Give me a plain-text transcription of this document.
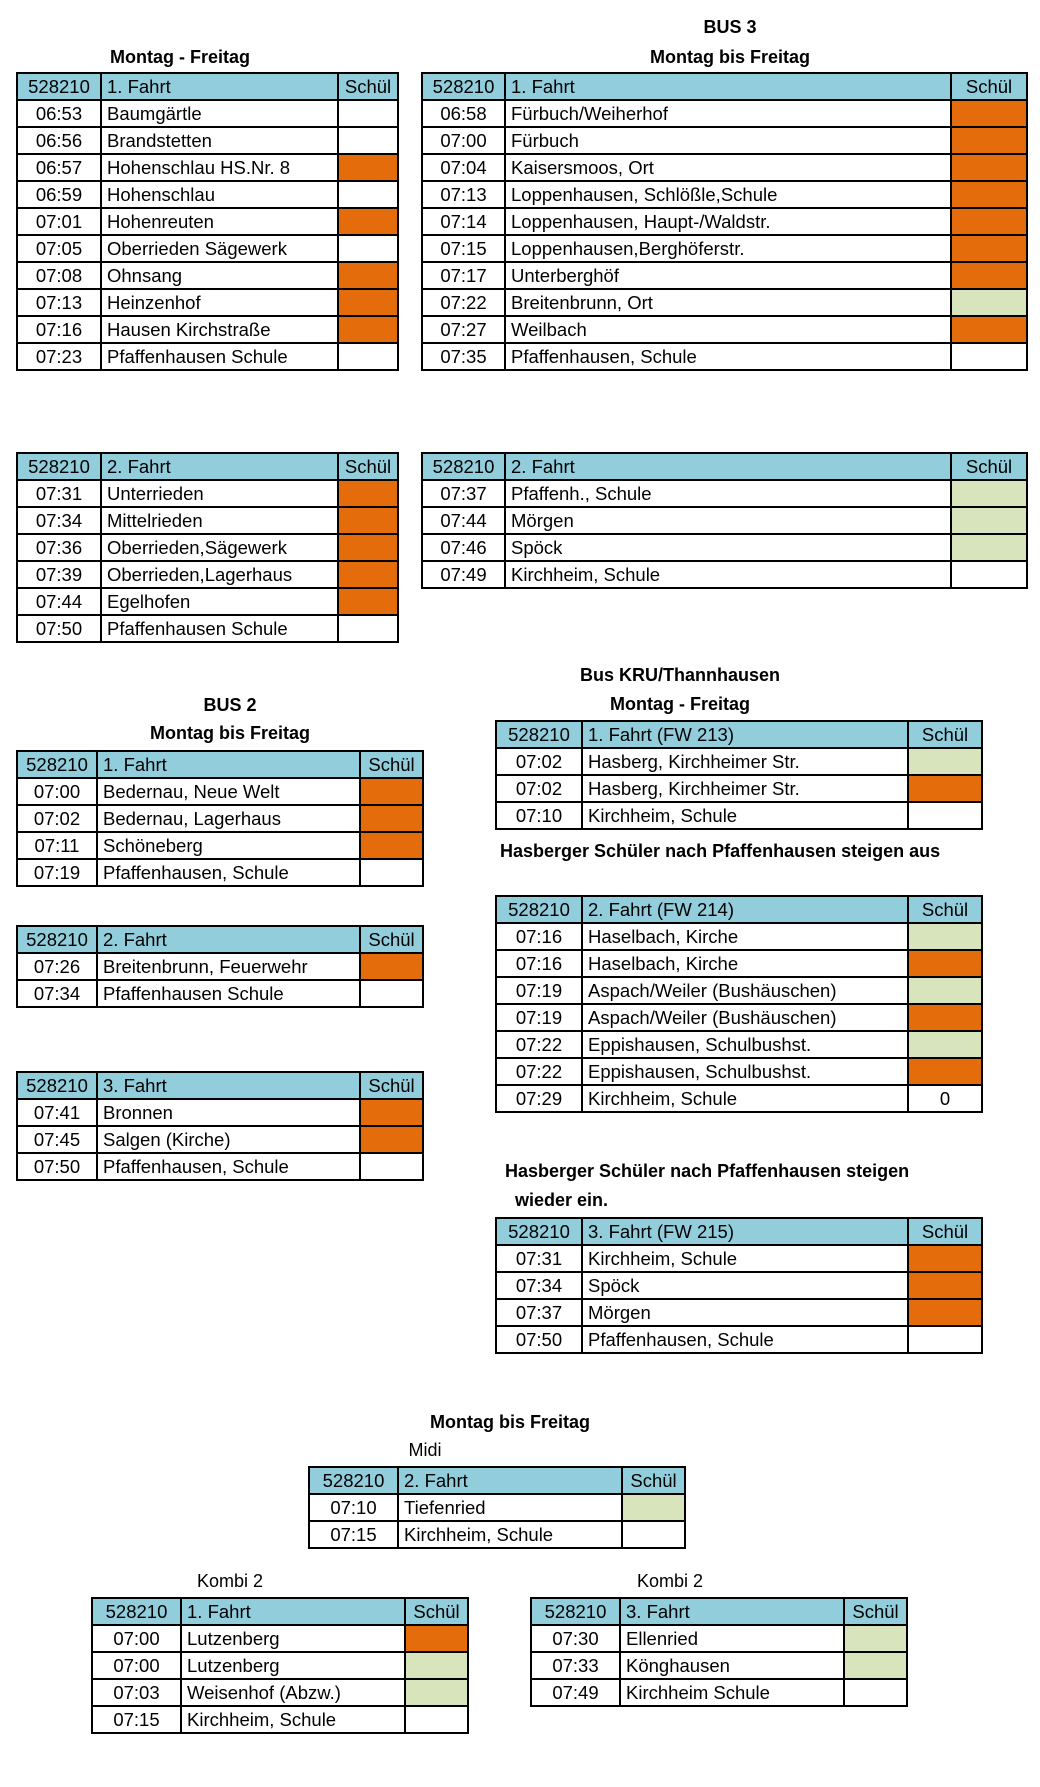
BUS 3
Montag - Freitag	Montag bis Freitag
BUS 2
Montag bis Freitag
Bus KRU/Thannhausen
Montag - Freitag
Hasberger Schüler nach Pfaffenhausen steigen aus
Hasberger Schüler nach Pfaffenhausen steigen
wieder ein.
Montag bis Freitag
Midi
Kombi 2	Kombi 2
528210	1. Fahrt	Schül
06:53	Baumgärtle	
06:56	Brandstetten	
06:57	Hohenschlau HS.Nr. 8	
06:59	Hohenschlau	
07:01	Hohenreuten	
07:05	Oberrieden Sägewerk	
07:08	Ohnsang	
07:13	Heinzenhof	
07:16	Hausen Kirchstraße	
07:23	Pfaffenhausen Schule	
528210	2. Fahrt	Schül
07:31	Unterrieden	
07:34	Mittelrieden	
07:36	Oberrieden,Sägewerk	
07:39	Oberrieden,Lagerhaus	
07:44	Egelhofen	
07:50	Pfaffenhausen Schule	
528210	1. Fahrt	Schül
06:58	Fürbuch/Weiherhof	
07:00	Fürbuch	
07:04	Kaisersmoos, Ort	
07:13	Loppenhausen, Schlößle,Schule	
07:14	Loppenhausen, Haupt-/Waldstr.	
07:15	Loppenhausen,Berghöferstr.	
07:17	Unterberghöf	
07:22	Breitenbrunn, Ort	
07:27	Weilbach	
07:35	Pfaffenhausen, Schule	
528210	2. Fahrt	Schül
07:37	Pfaffenh., Schule	
07:44	Mörgen	
07:46	Spöck	
07:49	Kirchheim, Schule	
528210	1. Fahrt	Schül
07:00	Bedernau, Neue Welt	
07:02	Bedernau, Lagerhaus	
07:11	Schöneberg	
07:19	Pfaffenhausen, Schule	
528210	2. Fahrt	Schül
07:26	Breitenbrunn, Feuerwehr	
07:34	Pfaffenhausen Schule	
528210	3. Fahrt	Schül
07:41	Bronnen	
07:45	Salgen (Kirche)	
07:50	Pfaffenhausen, Schule	
528210	1. Fahrt (FW 213)	Schül
07:02	Hasberg, Kirchheimer Str.	
07:02	Hasberg, Kirchheimer Str.	
07:10	Kirchheim, Schule	
528210	2. Fahrt (FW 214)	Schül
07:16	Haselbach, Kirche	
07:16	Haselbach, Kirche	
07:19	Aspach/Weiler (Bushäuschen)	
07:19	Aspach/Weiler (Bushäuschen)	
07:22	Eppishausen, Schulbushst.	
07:22	Eppishausen, Schulbushst.	
07:29	Kirchheim, Schule	0
528210	3. Fahrt (FW 215)	Schül
07:31	Kirchheim, Schule	
07:34	Spöck	
07:37	Mörgen	
07:50	Pfaffenhausen, Schule	
528210	2. Fahrt	Schül
07:10	Tiefenried	
07:15	Kirchheim, Schule	
528210	1. Fahrt	Schül
07:00	Lutzenberg	
07:00	Lutzenberg	
07:03	Weisenhof (Abzw.)	
07:15	Kirchheim, Schule	
528210	3. Fahrt	Schül
07:30	Ellenried	
07:33	Könghausen	
07:49	Kirchheim Schule	
